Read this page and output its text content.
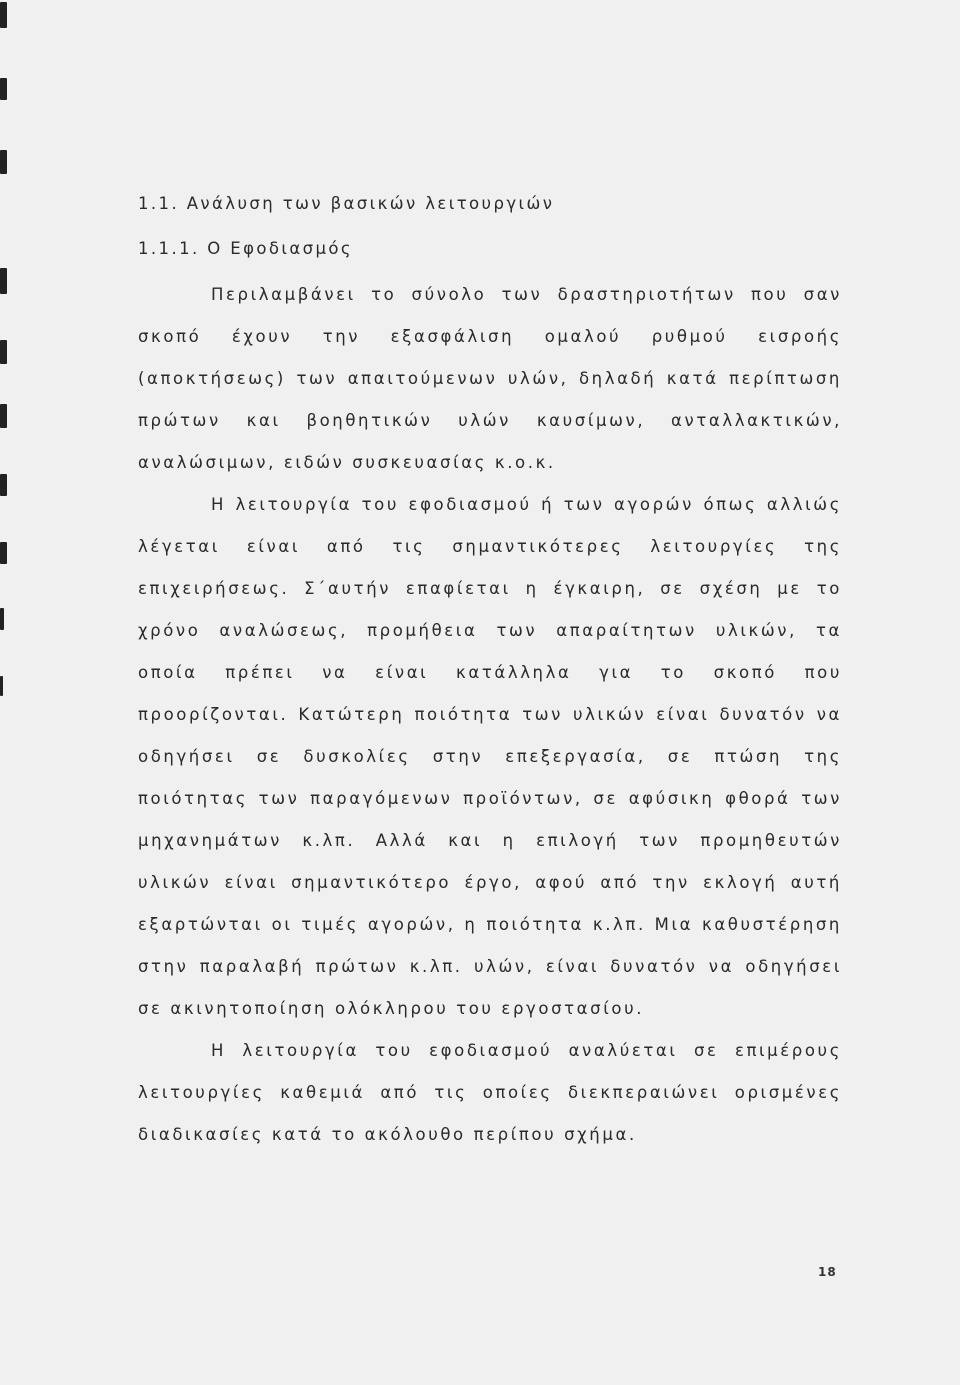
1.1. Ανάλυση των βασικών λειτουργιών
1.1.1. Ο Εφοδιασμός
Περιλαμβάνει το σύνολο των δραστηριοτήτων που σαν
σκοπό έχουν την εξασφάλιση ομαλού ρυθμού εισροής
(αποκτήσεως) των απαιτούμενων υλών, δηλαδή κατά περίπτωση
πρώτων και βοηθητικών υλών καυσίμων, ανταλλακτικών,
αναλώσιμων, ειδών συσκευασίας κ.ο.κ.
Η λειτουργία του εφοδιασμού ή των αγορών όπως αλλιώς
λέγεται είναι από τις σημαντικότερες λειτουργίες της
επιχειρήσεως. Σ΄αυτήν επαφίεται η έγκαιρη, σε σχέση με το
χρόνο αναλώσεως, προμήθεια των απαραίτητων υλικών, τα
οποία πρέπει να είναι κατάλληλα για το σκοπό που
προορίζονται. Κατώτερη ποιότητα των υλικών είναι δυνατόν να
οδηγήσει σε δυσκολίες στην επεξεργασία, σε πτώση της
ποιότητας των παραγόμενων προϊόντων, σε αφύσικη φθορά των
μηχανημάτων κ.λπ. Αλλά και η επιλογή των προμηθευτών
υλικών είναι σημαντικότερο έργο, αφού από την εκλογή αυτή
εξαρτώνται οι τιμές αγορών, η ποιότητα κ.λπ. Μια καθυστέρηση
στην παραλαβή πρώτων κ.λπ. υλών, είναι δυνατόν να οδηγήσει
σε ακινητοποίηση ολόκληρου του εργοστασίου.
Η λειτουργία του εφοδιασμού αναλύεται σε επιμέρους
λειτουργίες καθεμιά από τις οποίες διεκπεραιώνει ορισμένες
διαδικασίες κατά το ακόλουθο περίπου σχήμα.
18
